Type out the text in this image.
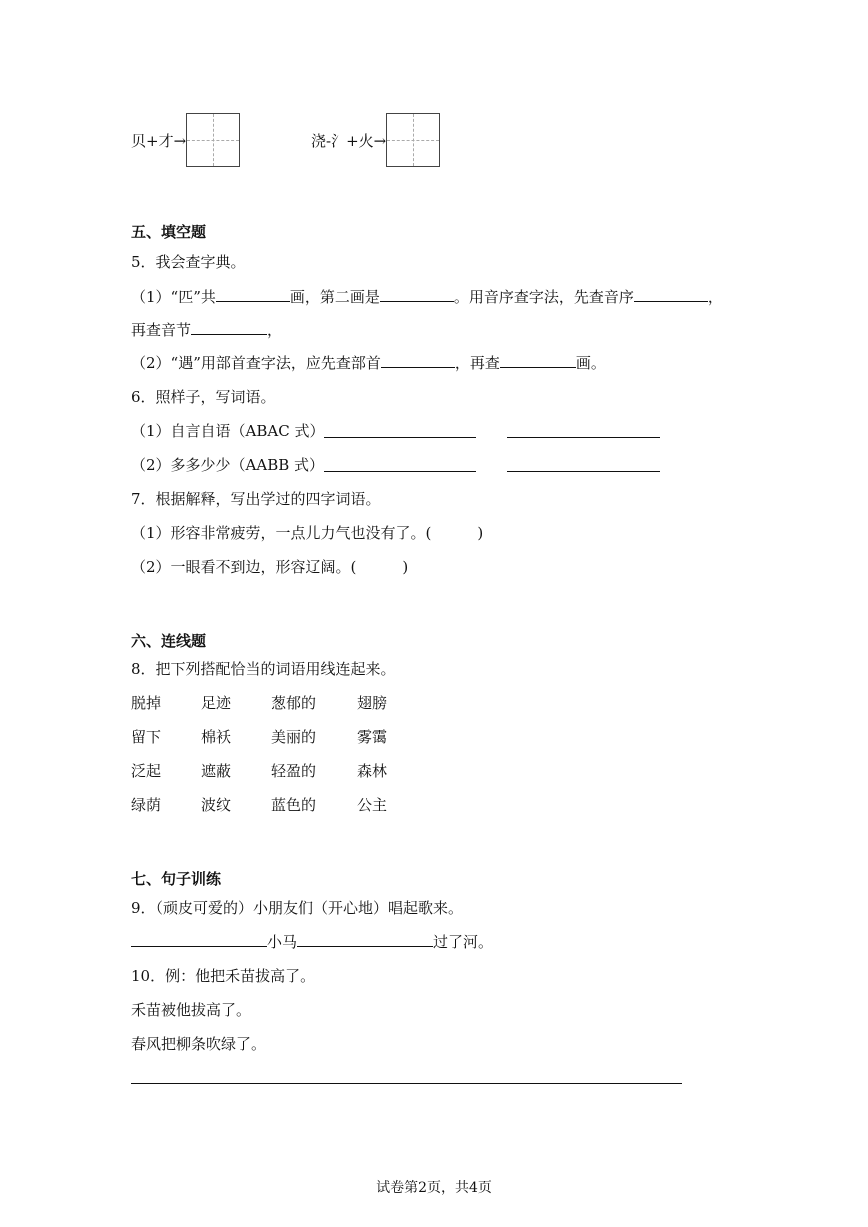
贝+才→	浇-氵+火→
五、填空题
5．我会查字典。
（1）“匹”共	画，第二画是	。用音序查字法，先查音序	，
再查音节	，
（2）“遇”用部首查字法，应先查部首	，再查	画。
6．照样子，写词语。
（1）自言自语（ABAC 式）
（2）多多少少（AABB 式）
7．根据解释，写出学过的四字词语。
（1）形容非常疲劳，一点儿力气也没有了。(	)
（2）一眼看不到边，形容辽阔。(	)
六、连线题
8．把下列搭配恰当的词语用线连起来。
脱掉	足迹	葱郁的	翅膀
留下	棉袄	美丽的	雾霭
泛起	遮蔽	轻盈的	森林
绿荫	波纹	蓝色的	公主
七、句子训练
9．（顽皮可爱的）小朋友们（开心地）唱起歌来。
小马	过了河。
10．例：他把禾苗拔高了。
禾苗被他拔高了。
春风把柳条吹绿了。
试卷第2页，共4页
